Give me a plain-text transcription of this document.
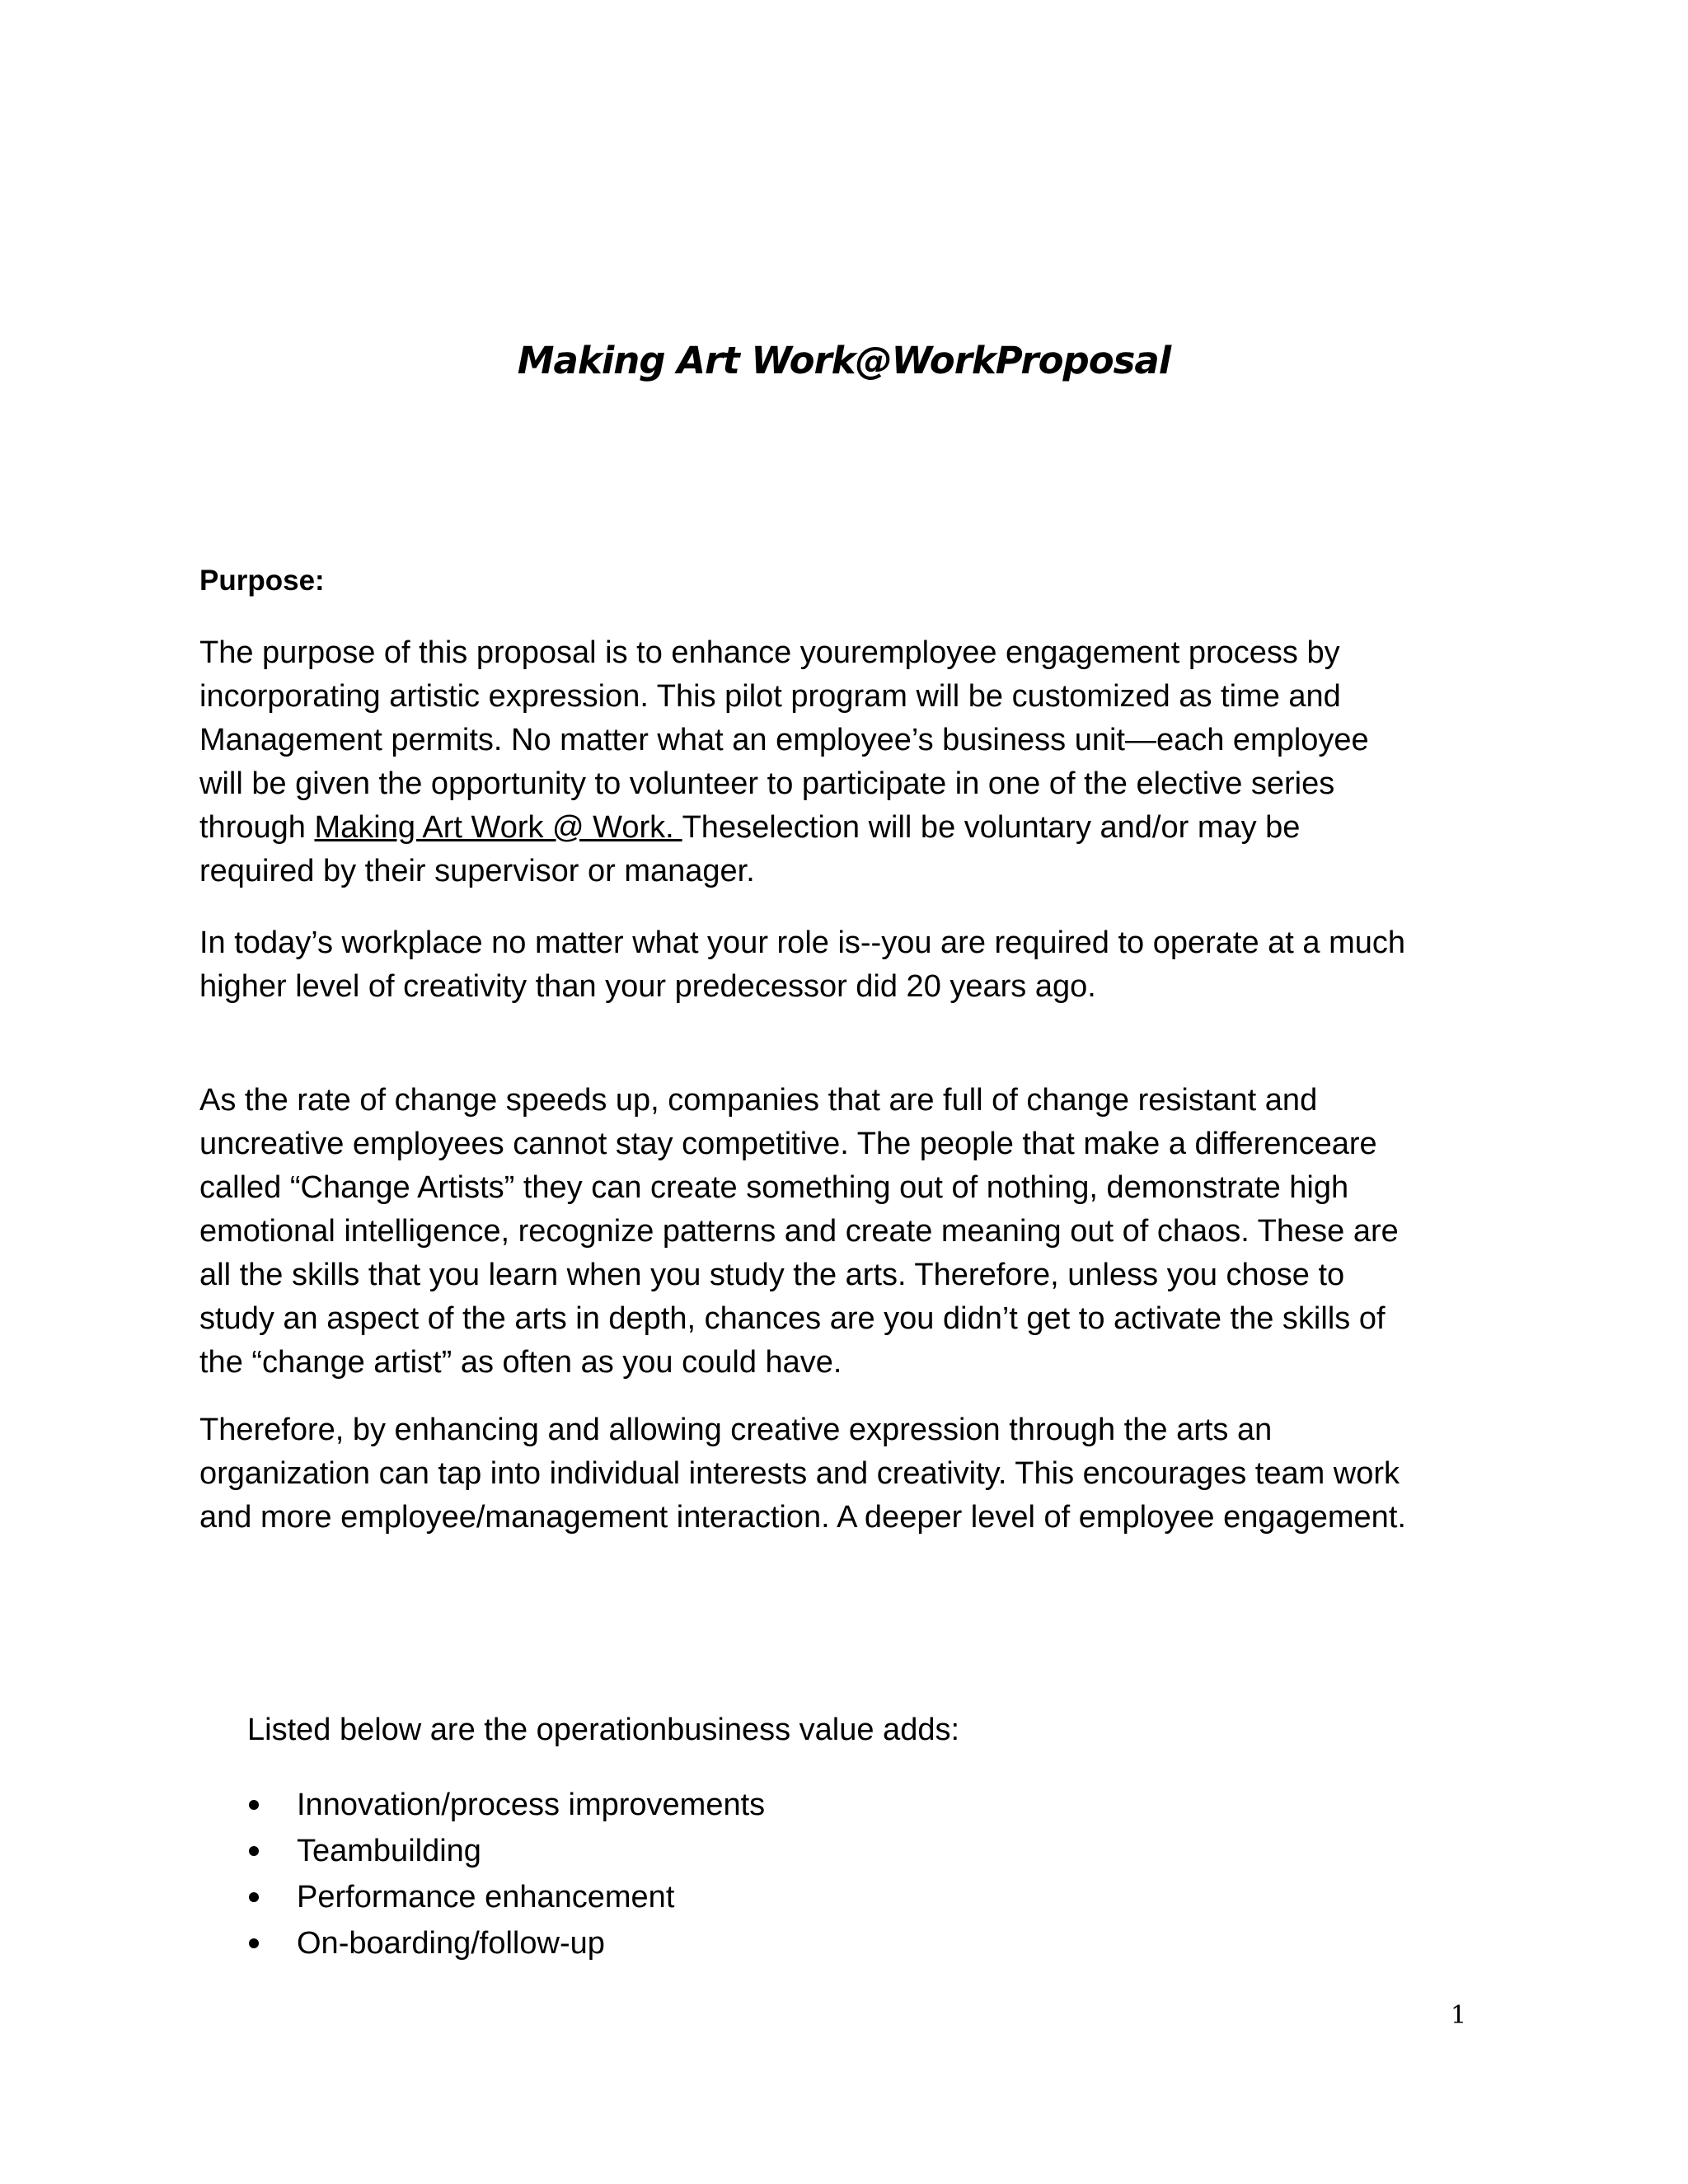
Making Art Work@WorkProposal
Purpose:
The purpose of this proposal is to enhance youremployee engagement process by
incorporating artistic expression. This pilot program will be customized as time and
Management permits. No matter what an employee’s business unit—each employee
will be given the opportunity to volunteer to participate in one of the elective series
through Making Art Work @ Work. Theselection will be voluntary and/or may be
required by their supervisor or manager.
In today’s workplace no matter what your role is--you are required to operate at a much
higher level of creativity than your predecessor did 20 years ago.
As the rate of change speeds up, companies that are full of change resistant and
uncreative employees cannot stay competitive. The people that make a differenceare
called “Change Artists” they can create something out of nothing, demonstrate high
emotional intelligence, recognize patterns and create meaning out of chaos. These are
all the skills that you learn when you study the arts. Therefore, unless you chose to
study an aspect of the arts in depth, chances are you didn’t get to activate the skills of
the “change artist” as often as you could have.
Therefore, by enhancing and allowing creative expression through the arts an
organization can tap into individual interests and creativity. This encourages team work
and more employee/management interaction. A deeper level of employee engagement.
Listed below are the operationbusiness value adds:
Innovation/process improvements
Teambuilding
Performance enhancement
On-boarding/follow-up
1
